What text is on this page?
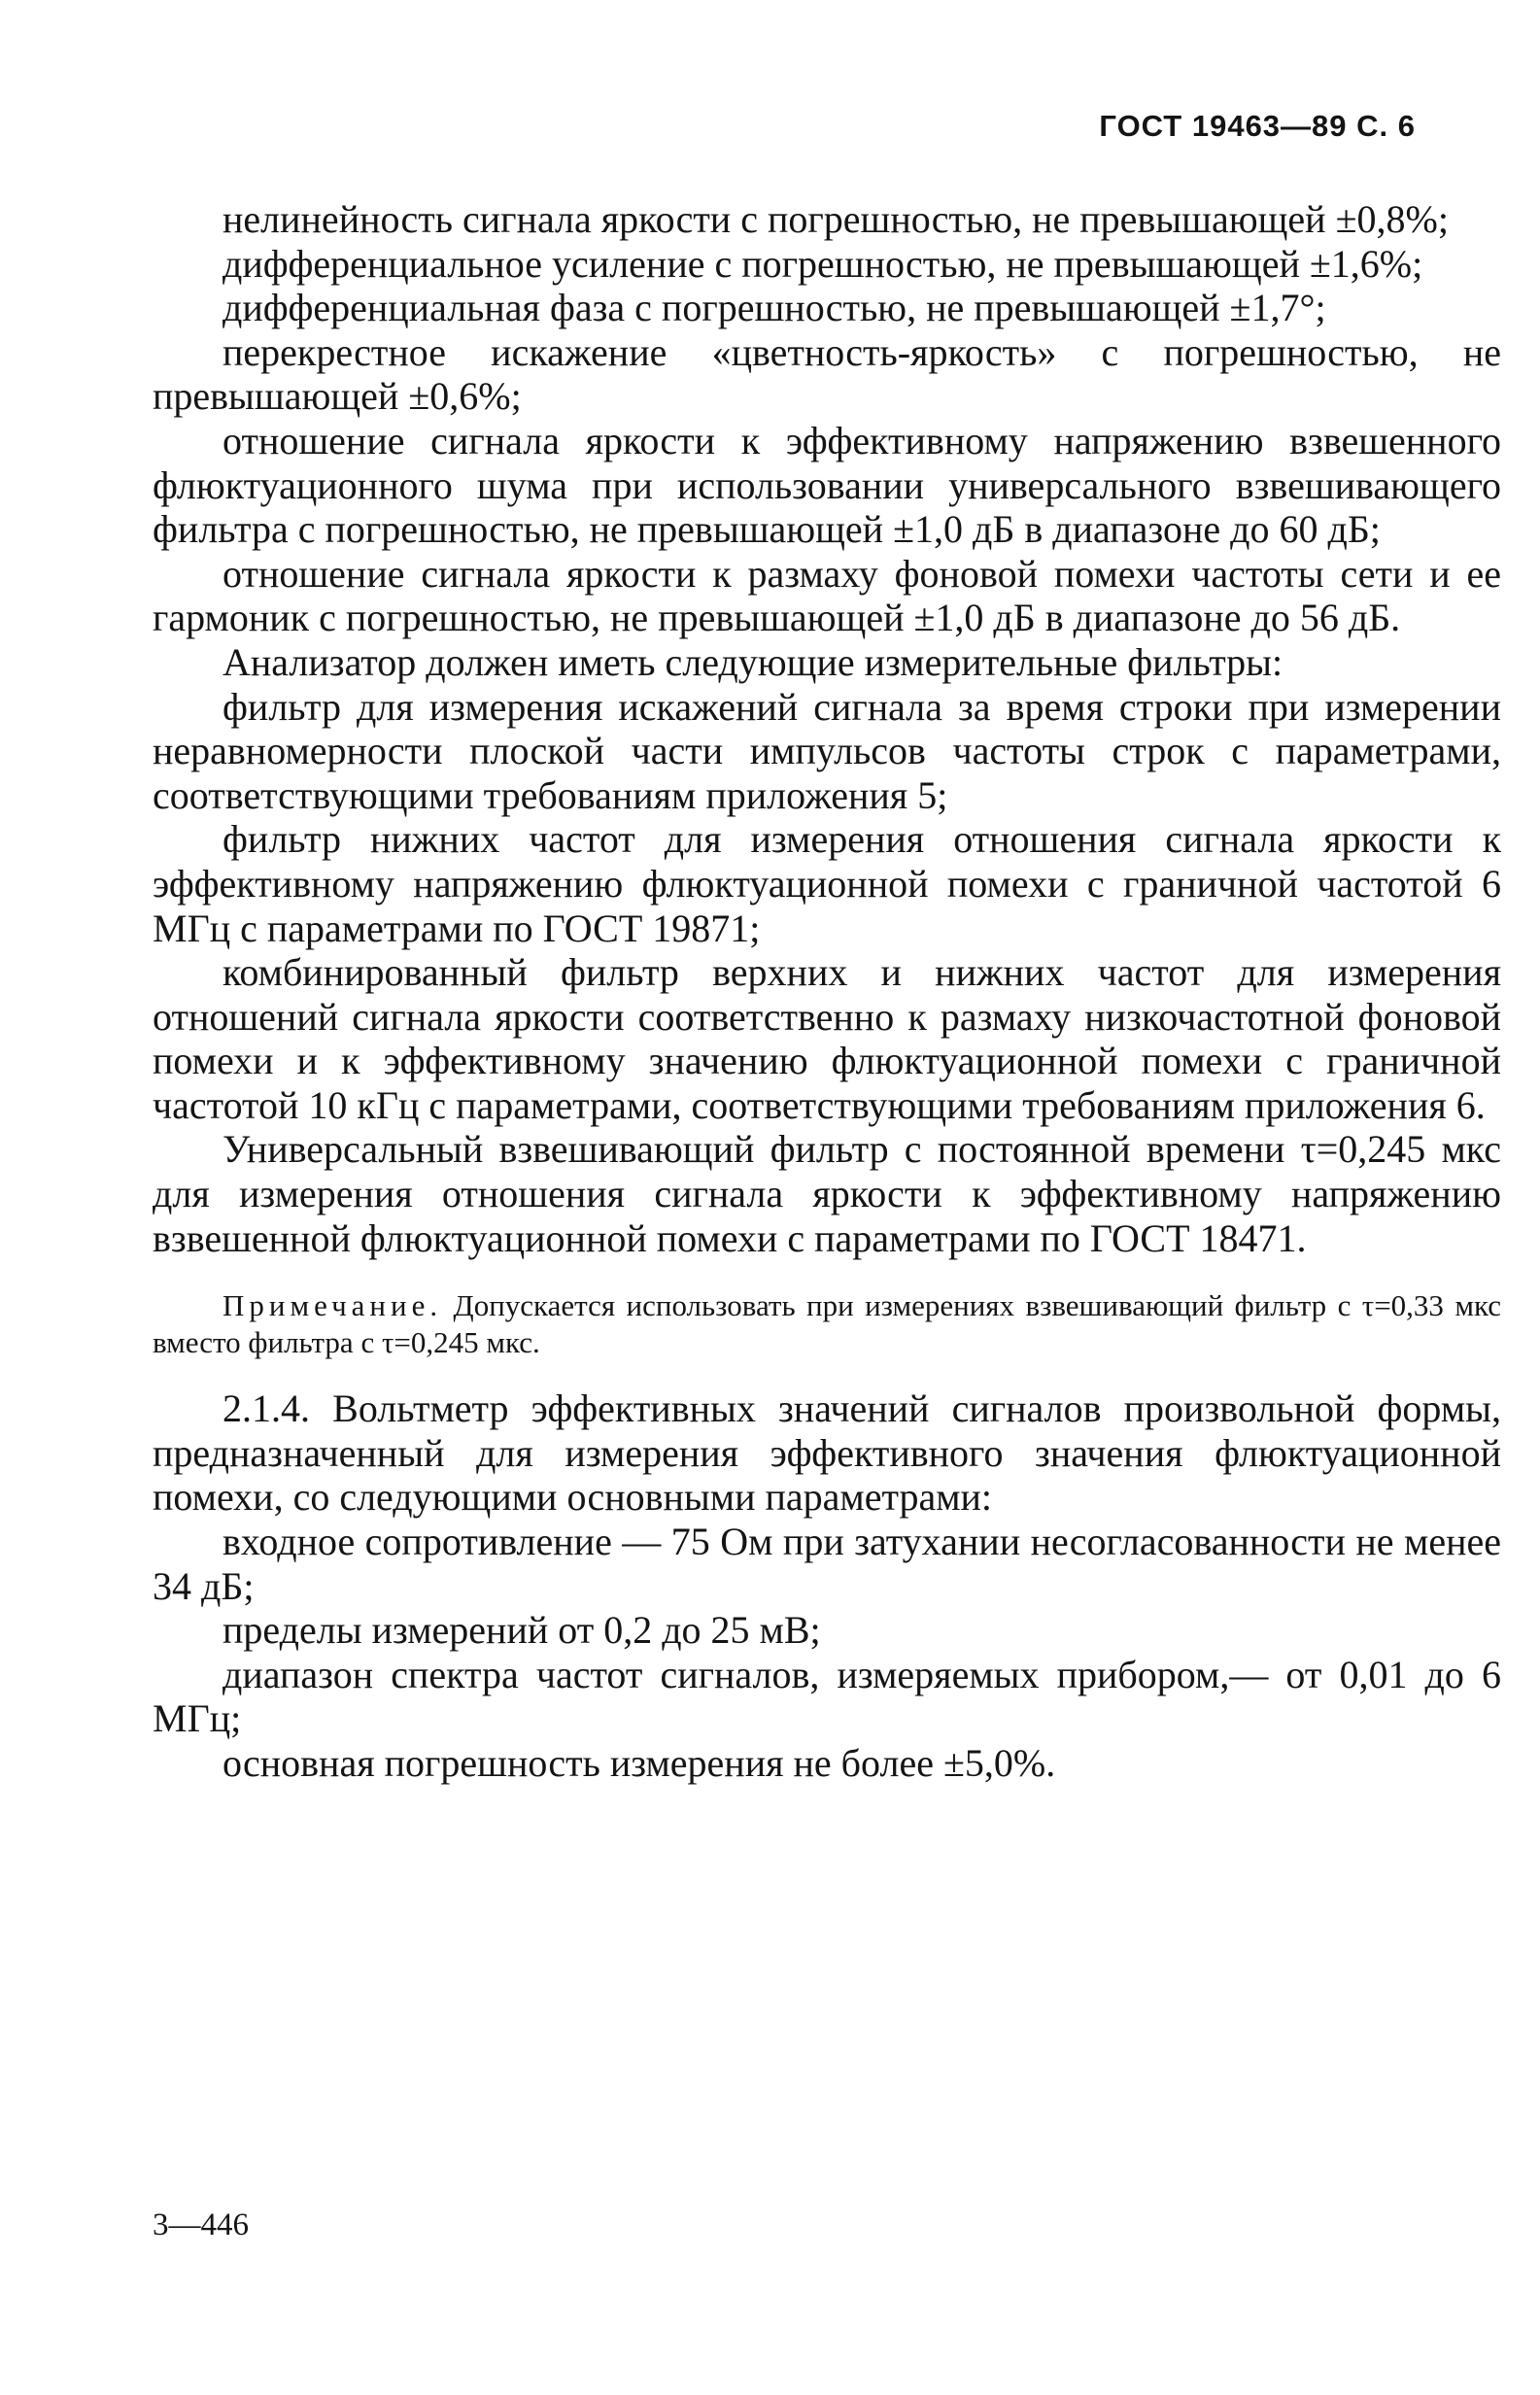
ГОСТ 19463—89 С. 6

нелинейность сигнала яркости с погрешностью, не превышающей ±0,8%;

дифференциальное усиление с погрешностью, не превышающей ±1,6%;

дифференциальная фаза с погрешностью, не превышающей ±1,7°;

перекрестное искажение «цветность-яркость» с погрешностью, не превышающей ±0,6%;

отношение сигнала яркости к эффективному напряжению взвешенного флюктуационного шума при использовании универсального взвешивающего фильтра с погрешностью, не превышающей ±1,0 дБ в диапазоне до 60 дБ;

отношение сигнала яркости к размаху фоновой помехи частоты сети и ее гармоник с погрешностью, не превышающей ±1,0 дБ в диапазоне до 56 дБ.

Анализатор должен иметь следующие измерительные фильтры:

фильтр для измерения искажений сигнала за время строки при измерении неравномерности плоской части импульсов частоты строк с параметрами, соответствующими требованиям приложения 5;

фильтр нижних частот для измерения отношения сигнала яркости к эффективному напряжению флюктуационной помехи с граничной частотой 6 МГц с параметрами по ГОСТ 19871;

комбинированный фильтр верхних и нижних частот для измерения отношений сигнала яркости соответственно к размаху низкочастотной фоновой помехи и к эффективному значению флюктуационной помехи с граничной частотой 10 кГц с параметрами, соответствующими требованиям приложения 6.

Универсальный взвешивающий фильтр с постоянной времени τ=0,245 мкс для измерения отношения сигнала яркости к эффективному напряжению взвешенной флюктуационной помехи с параметрами по ГОСТ 18471.

Примечание. Допускается использовать при измерениях взвешивающий фильтр с τ=0,33 мкс вместо фильтра с τ=0,245 мкс.

2.1.4. Вольтметр эффективных значений сигналов произвольной формы, предназначенный для измерения эффективного значения флюктуационной помехи, со следующими основными параметрами:

входное сопротивление — 75 Ом при затухании несогласованности не менее 34 дБ;

пределы измерений от 0,2 до 25 мВ;

диапазон спектра частот сигналов, измеряемых прибором,— от 0,01 до 6 МГц;

основная погрешность измерения не более ±5,0%.

3—446
